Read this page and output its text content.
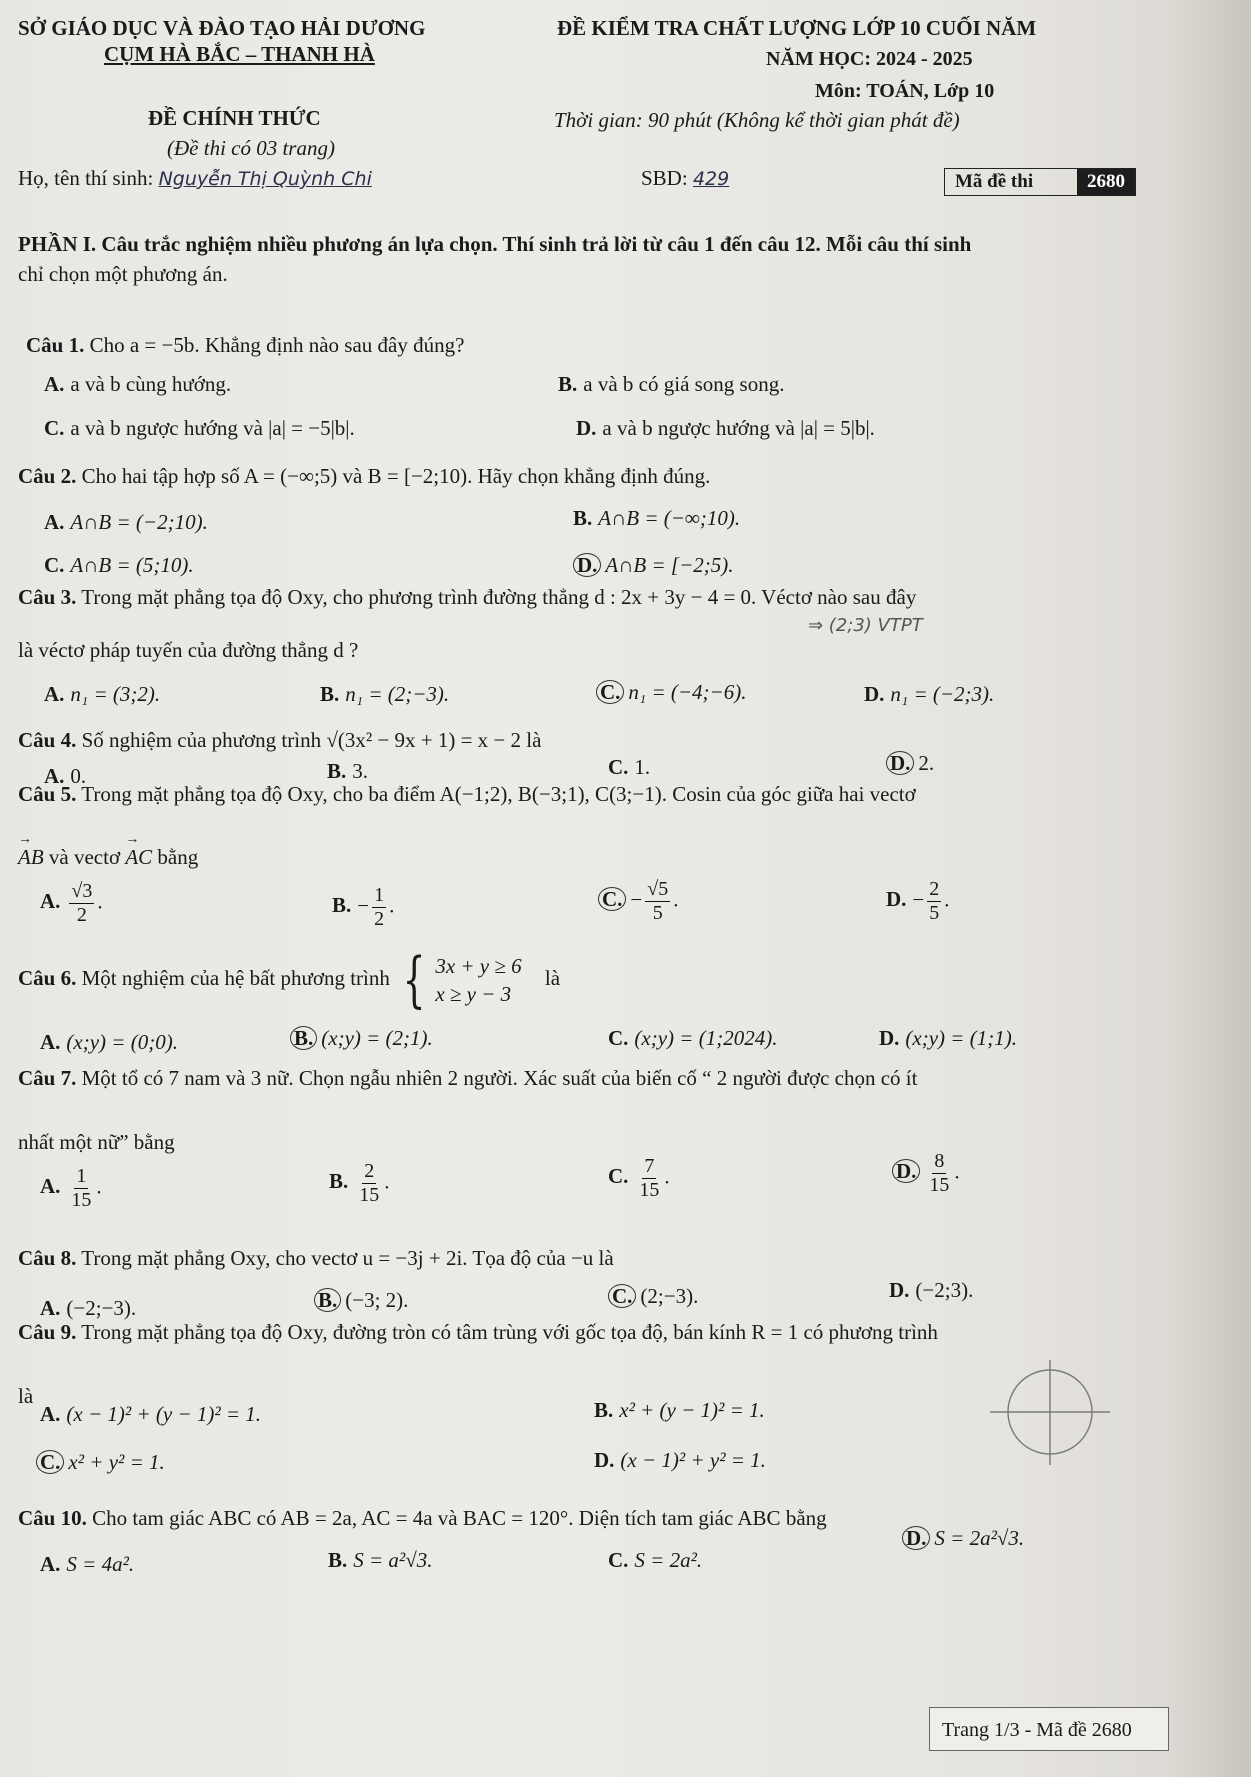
SỞ GIÁO DỤC VÀ ĐÀO TẠO HẢI DƯƠNG
CỤM HÀ BẮC – THANH HÀ
ĐỀ KIỂM TRA CHẤT LƯỢNG LỚP 10 CUỐI NĂM
NĂM HỌC: 2024 - 2025
Môn: TOÁN, Lớp 10
ĐỀ CHÍNH THỨC	Thời gian: 90 phút (Không kể thời gian phát đề)
(Đề thi có 03 trang)
Họ, tên thí sinh: Nguyễn Thị Quỳnh Chi	SBD: 429	Mã đề thi	2680
PHẦN I. Câu trắc nghiệm nhiều phương án lựa chọn. Thí sinh trả lời từ câu 1 đến câu 12. Mỗi câu thí sinh
chỉ chọn một phương án.
Câu 1. Cho a = −5b. Khẳng định nào sau đây đúng?
A. a và b cùng hướng.	B. a và b có giá song song.
C. a và b ngược hướng và |a| = −5|b|.	D. a và b ngược hướng và |a| = 5|b|.
Câu 2. Cho hai tập hợp số A = (−∞;5) và B = [−2;10). Hãy chọn khẳng định đúng.
A. A∩B = (−2;10).	B. A∩B = (−∞;10).
C. A∩B = (5;10).	D. A∩B = [−2;5).
Câu 3. Trong mặt phẳng tọa độ Oxy, cho phương trình đường thẳng d : 2x + 3y − 4 = 0. Véctơ nào sau đây
⇒ (2;3) VTPT
là véctơ pháp tuyến của đường thẳng d ?
A. n₁ = (3;2).	B. n₁ = (2;−3).	C. n₁ = (−4;−6).	D. n₁ = (−2;3).
Câu 4. Số nghiệm của phương trình √(3x² − 9x + 1) = x − 2 là
A. 0.	B. 3.	C. 1.	D. 2.
Câu 5. Trong mặt phẳng tọa độ Oxy, cho ba điểm A(−1;2), B(−3;1), C(3;−1). Cosin của góc giữa hai vectơ
→ AB và vectơ → AC bằng
A. $\frac{√3}{2}$ .	B. − $\frac{1}{2}$ .	C. − $\frac{√5}{5}$ .	D. − $\frac{2}{5}$ .
Câu 6. Một nghiệm của hệ bất phương trình { 3x + y ≥ 6
x ≥ y − 3
là
A. (x;y) = (0;0).	B. (x;y) = (2;1).	C. (x;y) = (1;2024).	D. (x;y) = (1;1).
Câu 7. Một tổ có 7 nam và 3 nữ. Chọn ngẫu nhiên 2 người. Xác suất của biến cố “ 2 người được chọn có ít
nhất một nữ” bằng
A. $\frac{1}{15}$ .	B. $\frac{2}{15}$ .	C. $\frac{7}{15}$ .	D. $\frac{8}{15}$ .
Câu 8. Trong mặt phẳng Oxy, cho vectơ u = −3j + 2i. Tọa độ của −u là
A. (−2;−3).	B. (−3; 2).	C. (2;−3).	D. (−2;3).
Câu 9. Trong mặt phẳng tọa độ Oxy, đường tròn có tâm trùng với gốc tọa độ, bán kính R = 1 có phương trình
là
A. (x − 1)² + (y − 1)² = 1.	B. x² + (y − 1)² = 1.
C. x² + y² = 1.	D. (x − 1)² + y² = 1.
Câu 10. Cho tam giác ABC có AB = 2a, AC = 4a và BAC = 120°. Diện tích tam giác ABC bằng
A. S = 4a².	B. S = a²√3.	C. S = 2a².
D. S = 2a²√3.
Trang 1/3 - Mã đề 2680
